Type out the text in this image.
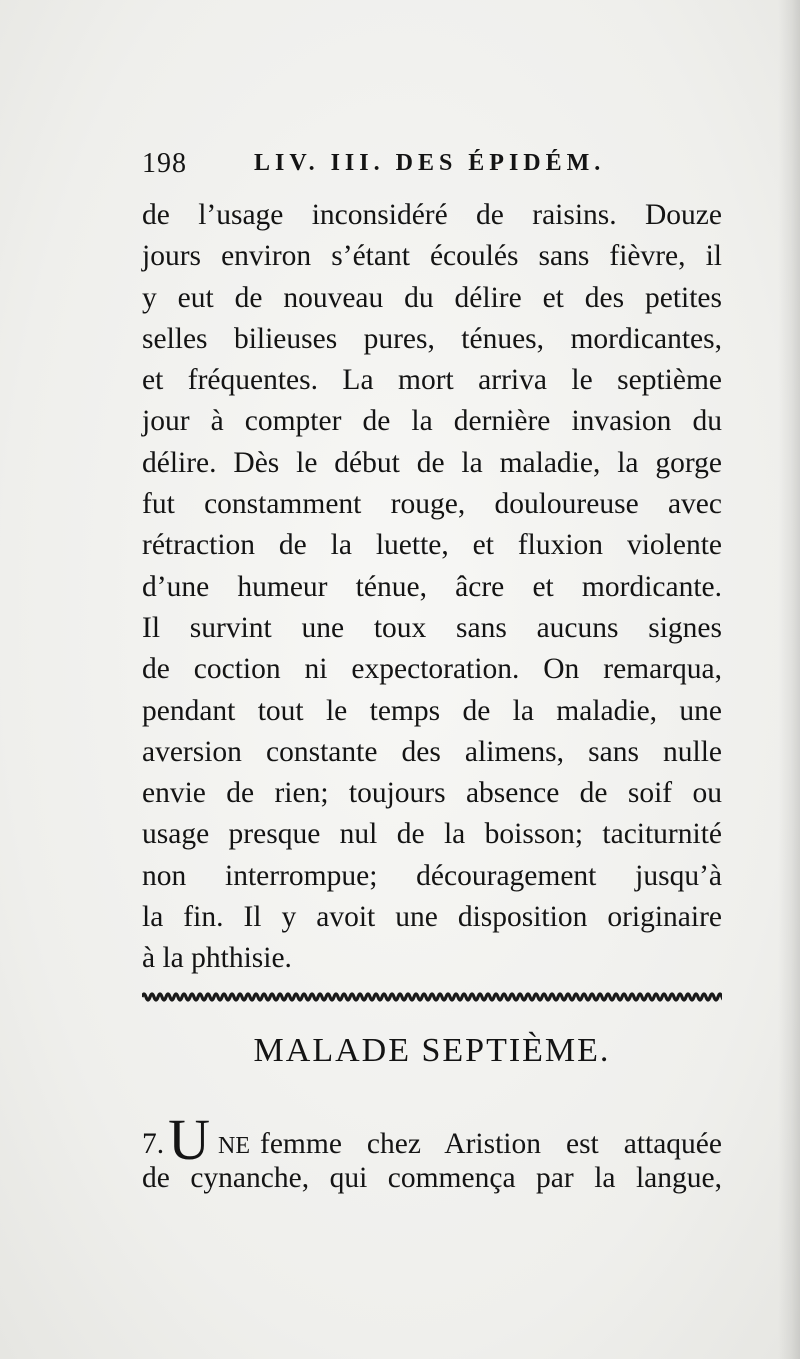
198	LIV. III. DES ÉPIDÉM.
de l’usage inconsidéré de raisins. Douze
jours environ s’étant écoulés sans fièvre, il
y eut de nouveau du délire et des petites
selles bilieuses pures, ténues, mordicantes,
et fréquentes. La mort arriva le septième
jour à compter de la dernière invasion du
délire. Dès le début de la maladie, la gorge
fut constamment rouge, douloureuse avec
rétraction de la luette, et fluxion violente
d’une humeur ténue, âcre et mordicante.
Il survint une toux sans aucuns signes
de coction ni expectoration. On remarqua,
pendant tout le temps de la maladie, une
aversion constante des alimens, sans nulle
envie de rien; toujours absence de soif ou
usage presque nul de la boisson; taciturnité
non interrompue; découragement jusqu’à
la fin. Il y avoit une disposition originaire
à la phthisie.
MALADE SEPTIÈME.
7. U NE femme chez Aristion est attaquée
de cynanche, qui commença par la langue,
